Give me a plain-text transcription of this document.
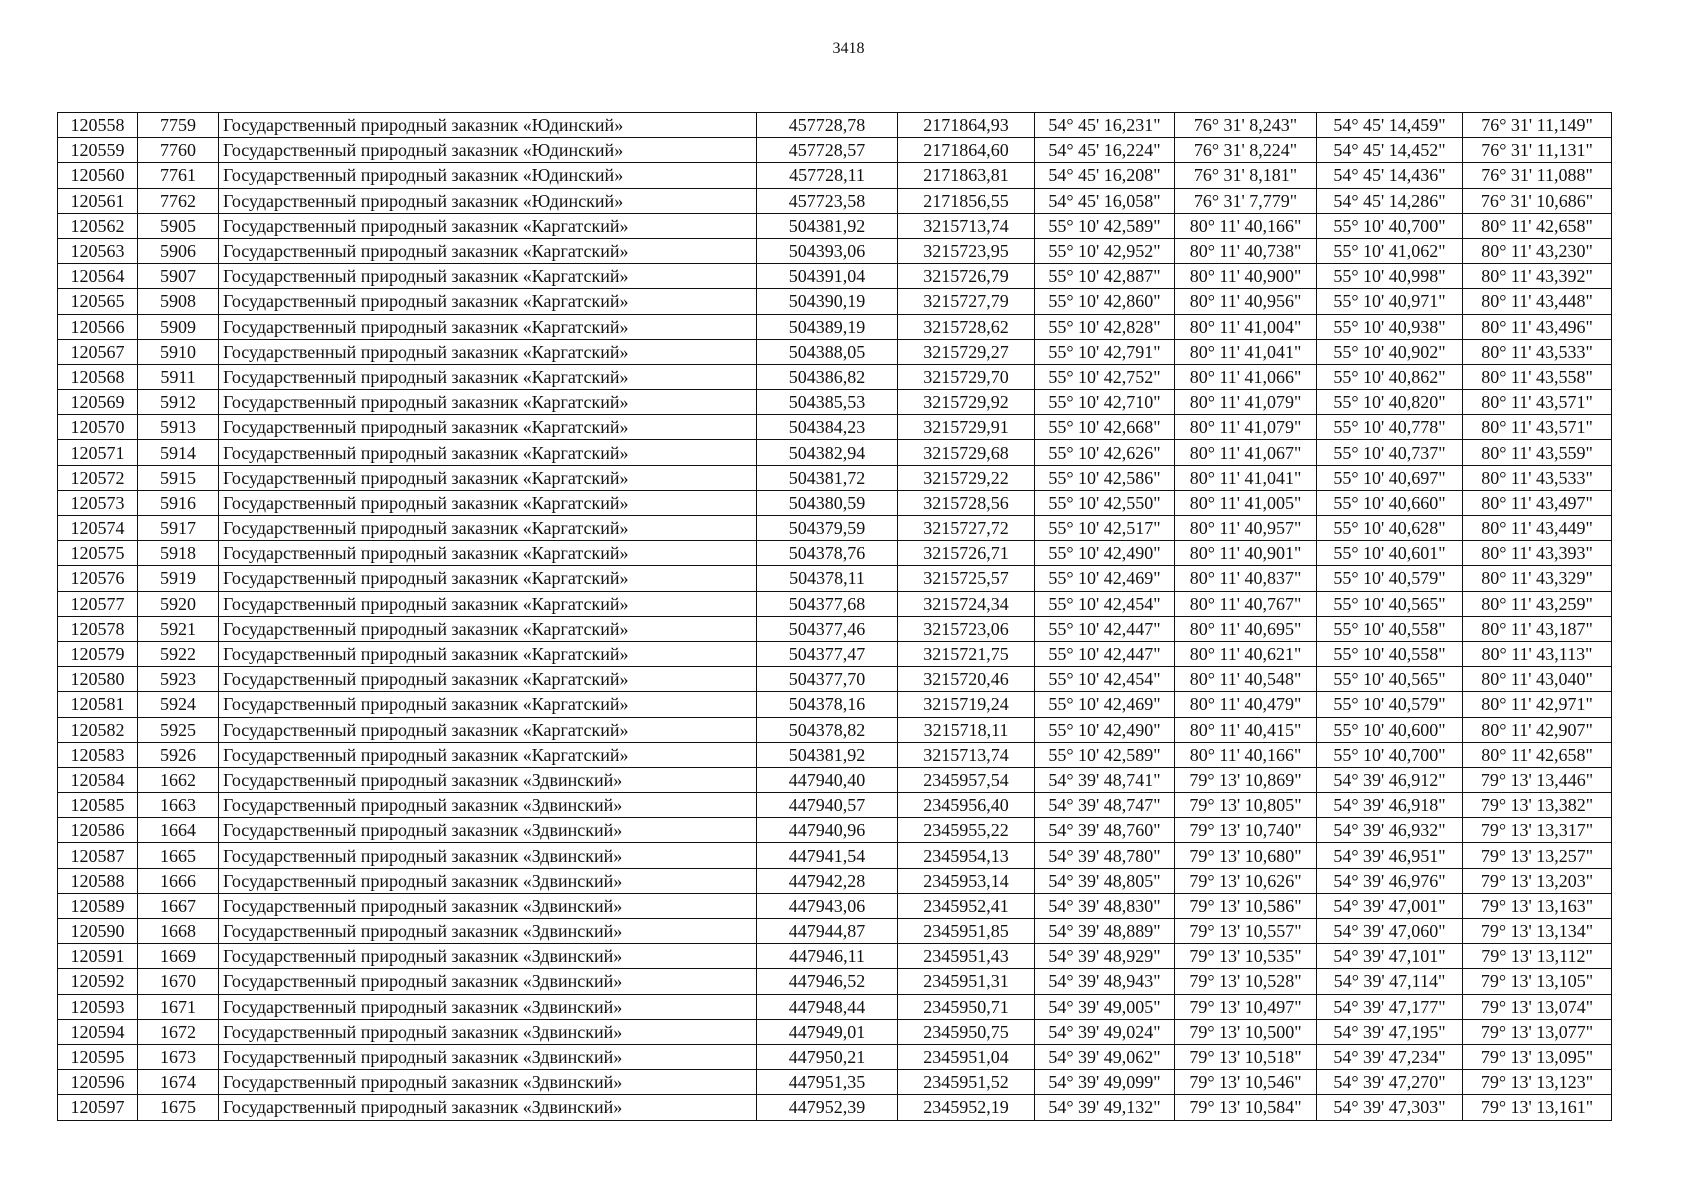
3418
120558	7759	Государственный природный заказник «Юдинский»	457728,78	2171864,93	54° 45' 16,231"	76° 31' 8,243"	54° 45' 14,459"	76° 31' 11,149"
120559	7760	Государственный природный заказник «Юдинский»	457728,57	2171864,60	54° 45' 16,224"	76° 31' 8,224"	54° 45' 14,452"	76° 31' 11,131"
120560	7761	Государственный природный заказник «Юдинский»	457728,11	2171863,81	54° 45' 16,208"	76° 31' 8,181"	54° 45' 14,436"	76° 31' 11,088"
120561	7762	Государственный природный заказник «Юдинский»	457723,58	2171856,55	54° 45' 16,058"	76° 31' 7,779"	54° 45' 14,286"	76° 31' 10,686"
120562	5905	Государственный природный заказник «Каргатский»	504381,92	3215713,74	55° 10' 42,589"	80° 11' 40,166"	55° 10' 40,700"	80° 11' 42,658"
120563	5906	Государственный природный заказник «Каргатский»	504393,06	3215723,95	55° 10' 42,952"	80° 11' 40,738"	55° 10' 41,062"	80° 11' 43,230"
120564	5907	Государственный природный заказник «Каргатский»	504391,04	3215726,79	55° 10' 42,887"	80° 11' 40,900"	55° 10' 40,998"	80° 11' 43,392"
120565	5908	Государственный природный заказник «Каргатский»	504390,19	3215727,79	55° 10' 42,860"	80° 11' 40,956"	55° 10' 40,971"	80° 11' 43,448"
120566	5909	Государственный природный заказник «Каргатский»	504389,19	3215728,62	55° 10' 42,828"	80° 11' 41,004"	55° 10' 40,938"	80° 11' 43,496"
120567	5910	Государственный природный заказник «Каргатский»	504388,05	3215729,27	55° 10' 42,791"	80° 11' 41,041"	55° 10' 40,902"	80° 11' 43,533"
120568	5911	Государственный природный заказник «Каргатский»	504386,82	3215729,70	55° 10' 42,752"	80° 11' 41,066"	55° 10' 40,862"	80° 11' 43,558"
120569	5912	Государственный природный заказник «Каргатский»	504385,53	3215729,92	55° 10' 42,710"	80° 11' 41,079"	55° 10' 40,820"	80° 11' 43,571"
120570	5913	Государственный природный заказник «Каргатский»	504384,23	3215729,91	55° 10' 42,668"	80° 11' 41,079"	55° 10' 40,778"	80° 11' 43,571"
120571	5914	Государственный природный заказник «Каргатский»	504382,94	3215729,68	55° 10' 42,626"	80° 11' 41,067"	55° 10' 40,737"	80° 11' 43,559"
120572	5915	Государственный природный заказник «Каргатский»	504381,72	3215729,22	55° 10' 42,586"	80° 11' 41,041"	55° 10' 40,697"	80° 11' 43,533"
120573	5916	Государственный природный заказник «Каргатский»	504380,59	3215728,56	55° 10' 42,550"	80° 11' 41,005"	55° 10' 40,660"	80° 11' 43,497"
120574	5917	Государственный природный заказник «Каргатский»	504379,59	3215727,72	55° 10' 42,517"	80° 11' 40,957"	55° 10' 40,628"	80° 11' 43,449"
120575	5918	Государственный природный заказник «Каргатский»	504378,76	3215726,71	55° 10' 42,490"	80° 11' 40,901"	55° 10' 40,601"	80° 11' 43,393"
120576	5919	Государственный природный заказник «Каргатский»	504378,11	3215725,57	55° 10' 42,469"	80° 11' 40,837"	55° 10' 40,579"	80° 11' 43,329"
120577	5920	Государственный природный заказник «Каргатский»	504377,68	3215724,34	55° 10' 42,454"	80° 11' 40,767"	55° 10' 40,565"	80° 11' 43,259"
120578	5921	Государственный природный заказник «Каргатский»	504377,46	3215723,06	55° 10' 42,447"	80° 11' 40,695"	55° 10' 40,558"	80° 11' 43,187"
120579	5922	Государственный природный заказник «Каргатский»	504377,47	3215721,75	55° 10' 42,447"	80° 11' 40,621"	55° 10' 40,558"	80° 11' 43,113"
120580	5923	Государственный природный заказник «Каргатский»	504377,70	3215720,46	55° 10' 42,454"	80° 11' 40,548"	55° 10' 40,565"	80° 11' 43,040"
120581	5924	Государственный природный заказник «Каргатский»	504378,16	3215719,24	55° 10' 42,469"	80° 11' 40,479"	55° 10' 40,579"	80° 11' 42,971"
120582	5925	Государственный природный заказник «Каргатский»	504378,82	3215718,11	55° 10' 42,490"	80° 11' 40,415"	55° 10' 40,600"	80° 11' 42,907"
120583	5926	Государственный природный заказник «Каргатский»	504381,92	3215713,74	55° 10' 42,589"	80° 11' 40,166"	55° 10' 40,700"	80° 11' 42,658"
120584	1662	Государственный природный заказник «Здвинский»	447940,40	2345957,54	54° 39' 48,741"	79° 13' 10,869"	54° 39' 46,912"	79° 13' 13,446"
120585	1663	Государственный природный заказник «Здвинский»	447940,57	2345956,40	54° 39' 48,747"	79° 13' 10,805"	54° 39' 46,918"	79° 13' 13,382"
120586	1664	Государственный природный заказник «Здвинский»	447940,96	2345955,22	54° 39' 48,760"	79° 13' 10,740"	54° 39' 46,932"	79° 13' 13,317"
120587	1665	Государственный природный заказник «Здвинский»	447941,54	2345954,13	54° 39' 48,780"	79° 13' 10,680"	54° 39' 46,951"	79° 13' 13,257"
120588	1666	Государственный природный заказник «Здвинский»	447942,28	2345953,14	54° 39' 48,805"	79° 13' 10,626"	54° 39' 46,976"	79° 13' 13,203"
120589	1667	Государственный природный заказник «Здвинский»	447943,06	2345952,41	54° 39' 48,830"	79° 13' 10,586"	54° 39' 47,001"	79° 13' 13,163"
120590	1668	Государственный природный заказник «Здвинский»	447944,87	2345951,85	54° 39' 48,889"	79° 13' 10,557"	54° 39' 47,060"	79° 13' 13,134"
120591	1669	Государственный природный заказник «Здвинский»	447946,11	2345951,43	54° 39' 48,929"	79° 13' 10,535"	54° 39' 47,101"	79° 13' 13,112"
120592	1670	Государственный природный заказник «Здвинский»	447946,52	2345951,31	54° 39' 48,943"	79° 13' 10,528"	54° 39' 47,114"	79° 13' 13,105"
120593	1671	Государственный природный заказник «Здвинский»	447948,44	2345950,71	54° 39' 49,005"	79° 13' 10,497"	54° 39' 47,177"	79° 13' 13,074"
120594	1672	Государственный природный заказник «Здвинский»	447949,01	2345950,75	54° 39' 49,024"	79° 13' 10,500"	54° 39' 47,195"	79° 13' 13,077"
120595	1673	Государственный природный заказник «Здвинский»	447950,21	2345951,04	54° 39' 49,062"	79° 13' 10,518"	54° 39' 47,234"	79° 13' 13,095"
120596	1674	Государственный природный заказник «Здвинский»	447951,35	2345951,52	54° 39' 49,099"	79° 13' 10,546"	54° 39' 47,270"	79° 13' 13,123"
120597	1675	Государственный природный заказник «Здвинский»	447952,39	2345952,19	54° 39' 49,132"	79° 13' 10,584"	54° 39' 47,303"	79° 13' 13,161"
